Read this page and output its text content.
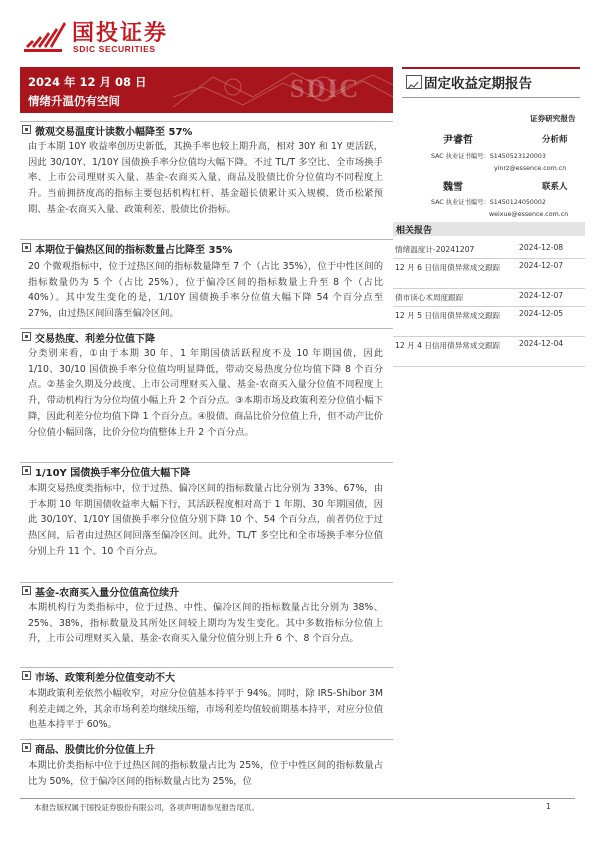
国投证券
SDIC SECURITIES
SDIC
2024 年 12 月 08 日
情绪升温仍有空间
固定收益定期报告
证券研究报告
尹睿哲	分析师
SAC 执业证书编号：S1450523120003
yinrz@essence.com.cn
魏雪	联系人
SAC 执业证书编号：S1450124050002
weixue@essence.com.cn
相关报告
情绪温度计-20241207	2024-12-08
12 月 6 日信用债异常成交跟踪	2024-12-07
债市读心术周度跟踪	2024-12-07
12 月 5 日信用债异常成交跟踪	2024-12-05
12 月 4 日信用债异常成交跟踪	2024-12-04
微观交易温度计读数小幅降至 57%
由于本期 10Y 收益率创历史新低，其换手率也较上期升高，相对 30Y 和 1Y 更活跃，因此 30/10Y、1/10Y 国债换手率分位值均大幅下降。不过 TL/T 多空比、全市场换手率、上市公司理财买入量、基金-农商买入量、商品及股债比价分位值均不同程度上升。当前拥挤度高的指标主要包括机构杠杆、基金超长债累计买入规模、货币松紧预期、基金-农商买入量、政策利差、股债比价指标。
本期位于偏热区间的指标数量占比降至 35%
20 个微观指标中，位于过热区间的指标数量降至 7 个（占比 35%），位于中性区间的指标数量仍为 5 个（占比 25%），位于偏冷区间的指标数量上升至 8 个（占比 40%）。其中发生变化的是，1/10Y 国债换手率分位值大幅下降 54 个百分点至 27%，由过热区间回落至偏冷区间。
交易热度、利差分位值下降
分类别来看，①由于本期 30 年、1 年期国债活跃程度不及 10 年期国债，因此 1/10、30/10 国债换手率分位值均明显降低，带动交易热度分位均值下降 8 个百分点。②基金久期及分歧度、上市公司理财买入量、基金-农商买入量分位值不同程度上升，带动机构行为分位均值小幅上升 2 个百分点。③本期市场及政策利差分位值小幅下降，因此利差分位均值下降 1 个百分点。④股债、商品比价分位值上升，但不动产比价分位值小幅回落，比价分位均值整体上升 2 个百分点。
1/10Y 国债换手率分位值大幅下降
本期交易热度类指标中，位于过热、偏冷区间的指标数量占比分别为 33%、67%，由于本期 10 年期国债收益率大幅下行，其活跃程度相对高于 1 年期、30 年期国债，因此 30/10Y、1/10Y 国债换手率分位值分别下降 10 个、54 个百分点，前者仍位于过热区间，后者由过热区间回落至偏冷区间。此外，TL/T 多空比和全市场换手率分位值分别上升 11 个、10 个百分点。
基金-农商买入量分位值高位续升
本期机构行为类指标中，位于过热、中性、偏冷区间的指标数量占比分别为 38%、25%、38%，指标数量及其所处区间较上期均为发生变化。其中多数指标分位值上升，上市公司理财买入量、基金-农商买入量分位值分别上升 6 个、8 个百分点。
市场、政策利差分位值变动不大
本期政策利差依然小幅收窄，对应分位值基本持平于 94%。同时，除 IRS-Shibor 3M 利差走阔之外，其余市场利差均继续压缩，市场利差均值较前期基本持平，对应分位值也基本持平于 60%。
商品、股债比价分位值上升
本期比价类指标中位于过热区间的指标数量占比为 25%，位于中性区间的指标数量占比为 50%，位于偏冷区间的指标数量占比为 25%，位
本报告版权属于国投证券股份有限公司，各项声明请参见报告尾页。	1
